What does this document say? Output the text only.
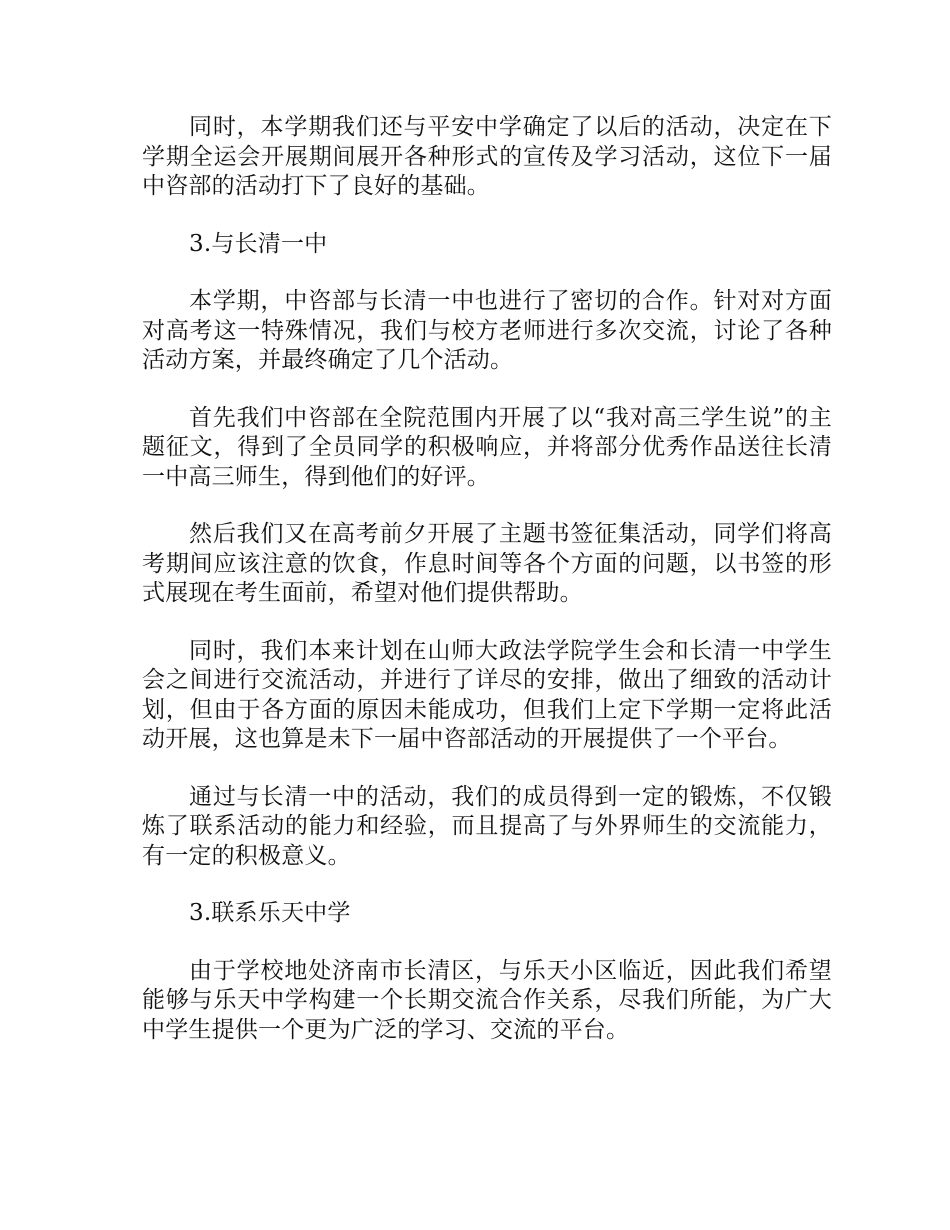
同时，本学期我们还与平安中学确定了以后的活动，决定在下学期全运会开展期间展开各种形式的宣传及学习活动，这位下一届中咨部的活动打下了良好的基础。

3.与长清一中

本学期，中咨部与长清一中也进行了密切的合作。针对对方面对高考这一特殊情况，我们与校方老师进行多次交流，讨论了各种活动方案，并最终确定了几个活动。

首先我们中咨部在全院范围内开展了以“我对高三学生说”的主题征文，得到了全员同学的积极响应，并将部分优秀作品送往长清一中高三师生，得到他们的好评。

然后我们又在高考前夕开展了主题书签征集活动，同学们将高考期间应该注意的饮食，作息时间等各个方面的问题，以书签的形式展现在考生面前，希望对他们提供帮助。

同时，我们本来计划在山师大政法学院学生会和长清一中学生会之间进行交流活动，并进行了详尽的安排，做出了细致的活动计划，但由于各方面的原因未能成功，但我们上定下学期一定将此活动开展，这也算是未下一届中咨部活动的开展提供了一个平台。

通过与长清一中的活动，我们的成员得到一定的锻炼，不仅锻炼了联系活动的能力和经验，而且提高了与外界师生的交流能力，有一定的积极意义。

3.联系乐天中学

由于学校地处济南市长清区，与乐天小区临近，因此我们希望能够与乐天中学构建一个长期交流合作关系，尽我们所能，为广大中学生提供一个更为广泛的学习、交流的平台。
